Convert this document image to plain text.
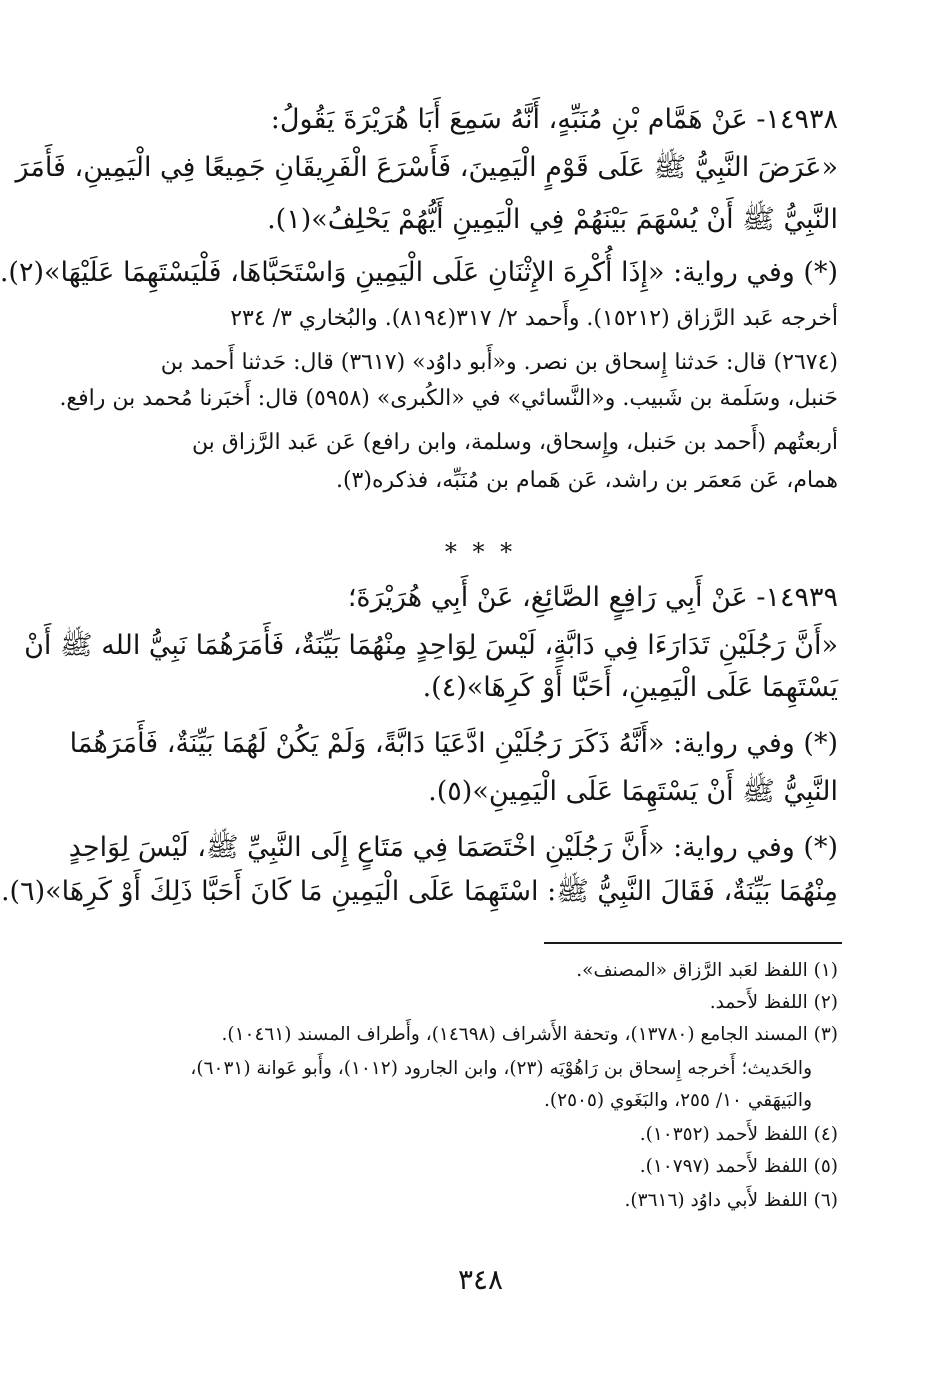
١٤٩٣٨- عَنْ هَمَّام بْنِ مُنَبِّهٍ، أَنَّهُ سَمِعَ أَبَا هُرَيْرَةَ يَقُولُ:

«عَرَضَ النَّبِيُّ ﷺ عَلَى قَوْمٍ الْيَمِينَ، فَأَسْرَعَ الْفَرِيقَانِ جَمِيعًا فِي الْيَمِينِ، فَأَمَرَ

النَّبِيُّ ﷺ أَنْ يُسْهَمَ بَيْنَهُمْ فِي الْيَمِينِ أَيُّهُمْ يَحْلِفُ»(١).

(*) وفي رواية: «إِذَا أُكْرِهَ الإِثْنَانِ عَلَى الْيَمِينِ وَاسْتَحَبَّاهَا، فَلْيَسْتَهِمَا عَلَيْهَا»(٢).

أخرجه عَبد الرَّزاق (١٥٢١٢). وأَحمد ٢/ ٣١٧(٨١٩٤). والبُخاري ٣/ ٢٣٤

(٢٦٧٤) قال: حَدثنا إِسحاق بن نصر. و«أَبو داوُد» (٣٦١٧) قال: حَدثنا أَحمد بن

حَنبل، وسَلَمة بن شَبيب. و«النَّسائي» في «الكُبرى» (٥٩٥٨) قال: أَخبَرنا مُحمد بن رافع.

أربعتُهم (أَحمد بن حَنبل، وإِسحاق، وسلمة، وابن رافع) عَن عَبد الرَّزاق بن

همام، عَن مَعمَر بن راشد، عَن هَمام بن مُنَبِّه، فذكره(٣).

* * *

١٤٩٣٩- عَنْ أَبِي رَافِعٍ الصَّائِغِ، عَنْ أَبِي هُرَيْرَةَ؛

«أَنَّ رَجُلَيْنِ تَدَارَءَا فِي دَابَّةٍ، لَيْسَ لِوَاحِدٍ مِنْهُمَا بَيِّنَةٌ، فَأَمَرَهُمَا نَبِيُّ الله ﷺ أَنْ

يَسْتَهِمَا عَلَى الْيَمِينِ، أَحَبَّا أَوْ كَرِهَا»(٤).

(*) وفي رواية: «أَنَّهُ ذَكَرَ رَجُلَيْنِ ادَّعَيَا دَابَّةً، وَلَمْ يَكُنْ لَهُمَا بَيِّنَةٌ، فَأَمَرَهُمَا

النَّبِيُّ ﷺ أَنْ يَسْتَهِمَا عَلَى الْيَمِينِ»(٥).

(*) وفي رواية: «أَنَّ رَجُلَيْنِ اخْتَصَمَا فِي مَتَاعٍ إِلَى النَّبِيِّ ﷺ، لَيْسَ لِوَاحِدٍ

مِنْهُمَا بَيِّنَةٌ، فَقَالَ النَّبِيُّ ﷺ: اسْتَهِمَا عَلَى الْيَمِينِ مَا كَانَ أَحَبَّا ذَلِكَ أَوْ كَرِهَا»(٦).

(١) اللفظ لعَبد الرَّزاق «المصنف».

(٢) اللفظ لأَحمد.

(٣) المسند الجامع (١٣٧٨٠)، وتحفة الأَشراف (١٤٦٩٨)، وأَطراف المسند (١٠٤٦١).

والحَديث؛ أَخرجه إِسحاق بن رَاهُوْيَه (٢٣)، وابن الجارود (١٠١٢)، وأَبو عَوانة (٦٠٣١)،

والبَيهَقي ١٠/ ٢٥٥، والبَغَوي (٢٥٠٥).

(٤) اللفظ لأَحمد (١٠٣٥٢).

(٥) اللفظ لأَحمد (١٠٧٩٧).

(٦) اللفظ لأَبي داوُد (٣٦١٦).

٣٤٨
